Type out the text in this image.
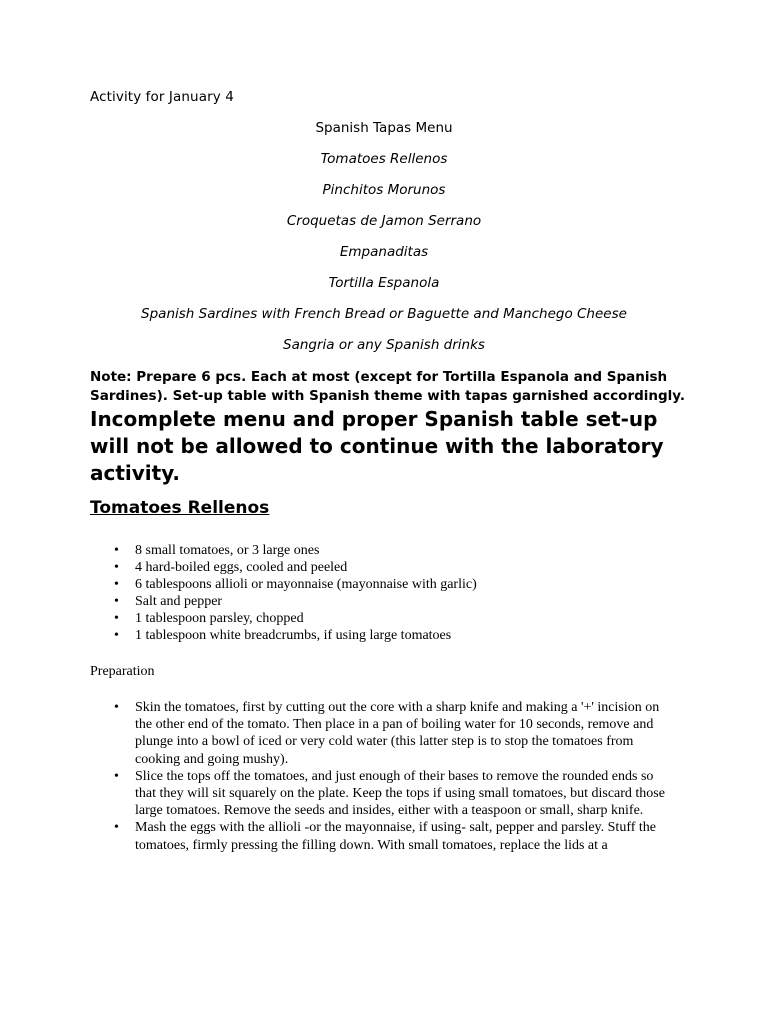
Activity for January 4
Spanish Tapas Menu
Tomatoes Rellenos
Pinchitos Morunos
Croquetas de Jamon Serrano
Empanaditas
Tortilla Espanola
Spanish Sardines with French Bread or Baguette and Manchego Cheese
Sangria or any Spanish drinks
Note: Prepare 6 pcs. Each at most (except for Tortilla Espanola and Spanish Sardines). Set-up table with Spanish theme with tapas garnished accordingly. Incomplete menu and proper Spanish table set-up will not be allowed to continue with the laboratory activity.
Tomatoes Rellenos
• 8 small tomatoes, or 3 large ones
• 4 hard-boiled eggs, cooled and peeled
• 6 tablespoons allioli or mayonnaise (mayonnaise with garlic)
• Salt and pepper
• 1 tablespoon parsley, chopped
• 1 tablespoon white breadcrumbs, if using large tomatoes
Preparation
• Skin the tomatoes, first by cutting out the core with a sharp knife and making a '+' incision on the other end of the tomato. Then place in a pan of boiling water for 10 seconds, remove and plunge into a bowl of iced or very cold water (this latter step is to stop the tomatoes from cooking and going mushy).
• Slice the tops off the tomatoes, and just enough of their bases to remove the rounded ends so that they will sit squarely on the plate. Keep the tops if using small tomatoes, but discard those large tomatoes. Remove the seeds and insides, either with a teaspoon or small, sharp knife.
• Mash the eggs with the allioli -or the mayonnaise, if using- salt, pepper and parsley. Stuff the tomatoes, firmly pressing the filling down. With small tomatoes, replace the lids at a
